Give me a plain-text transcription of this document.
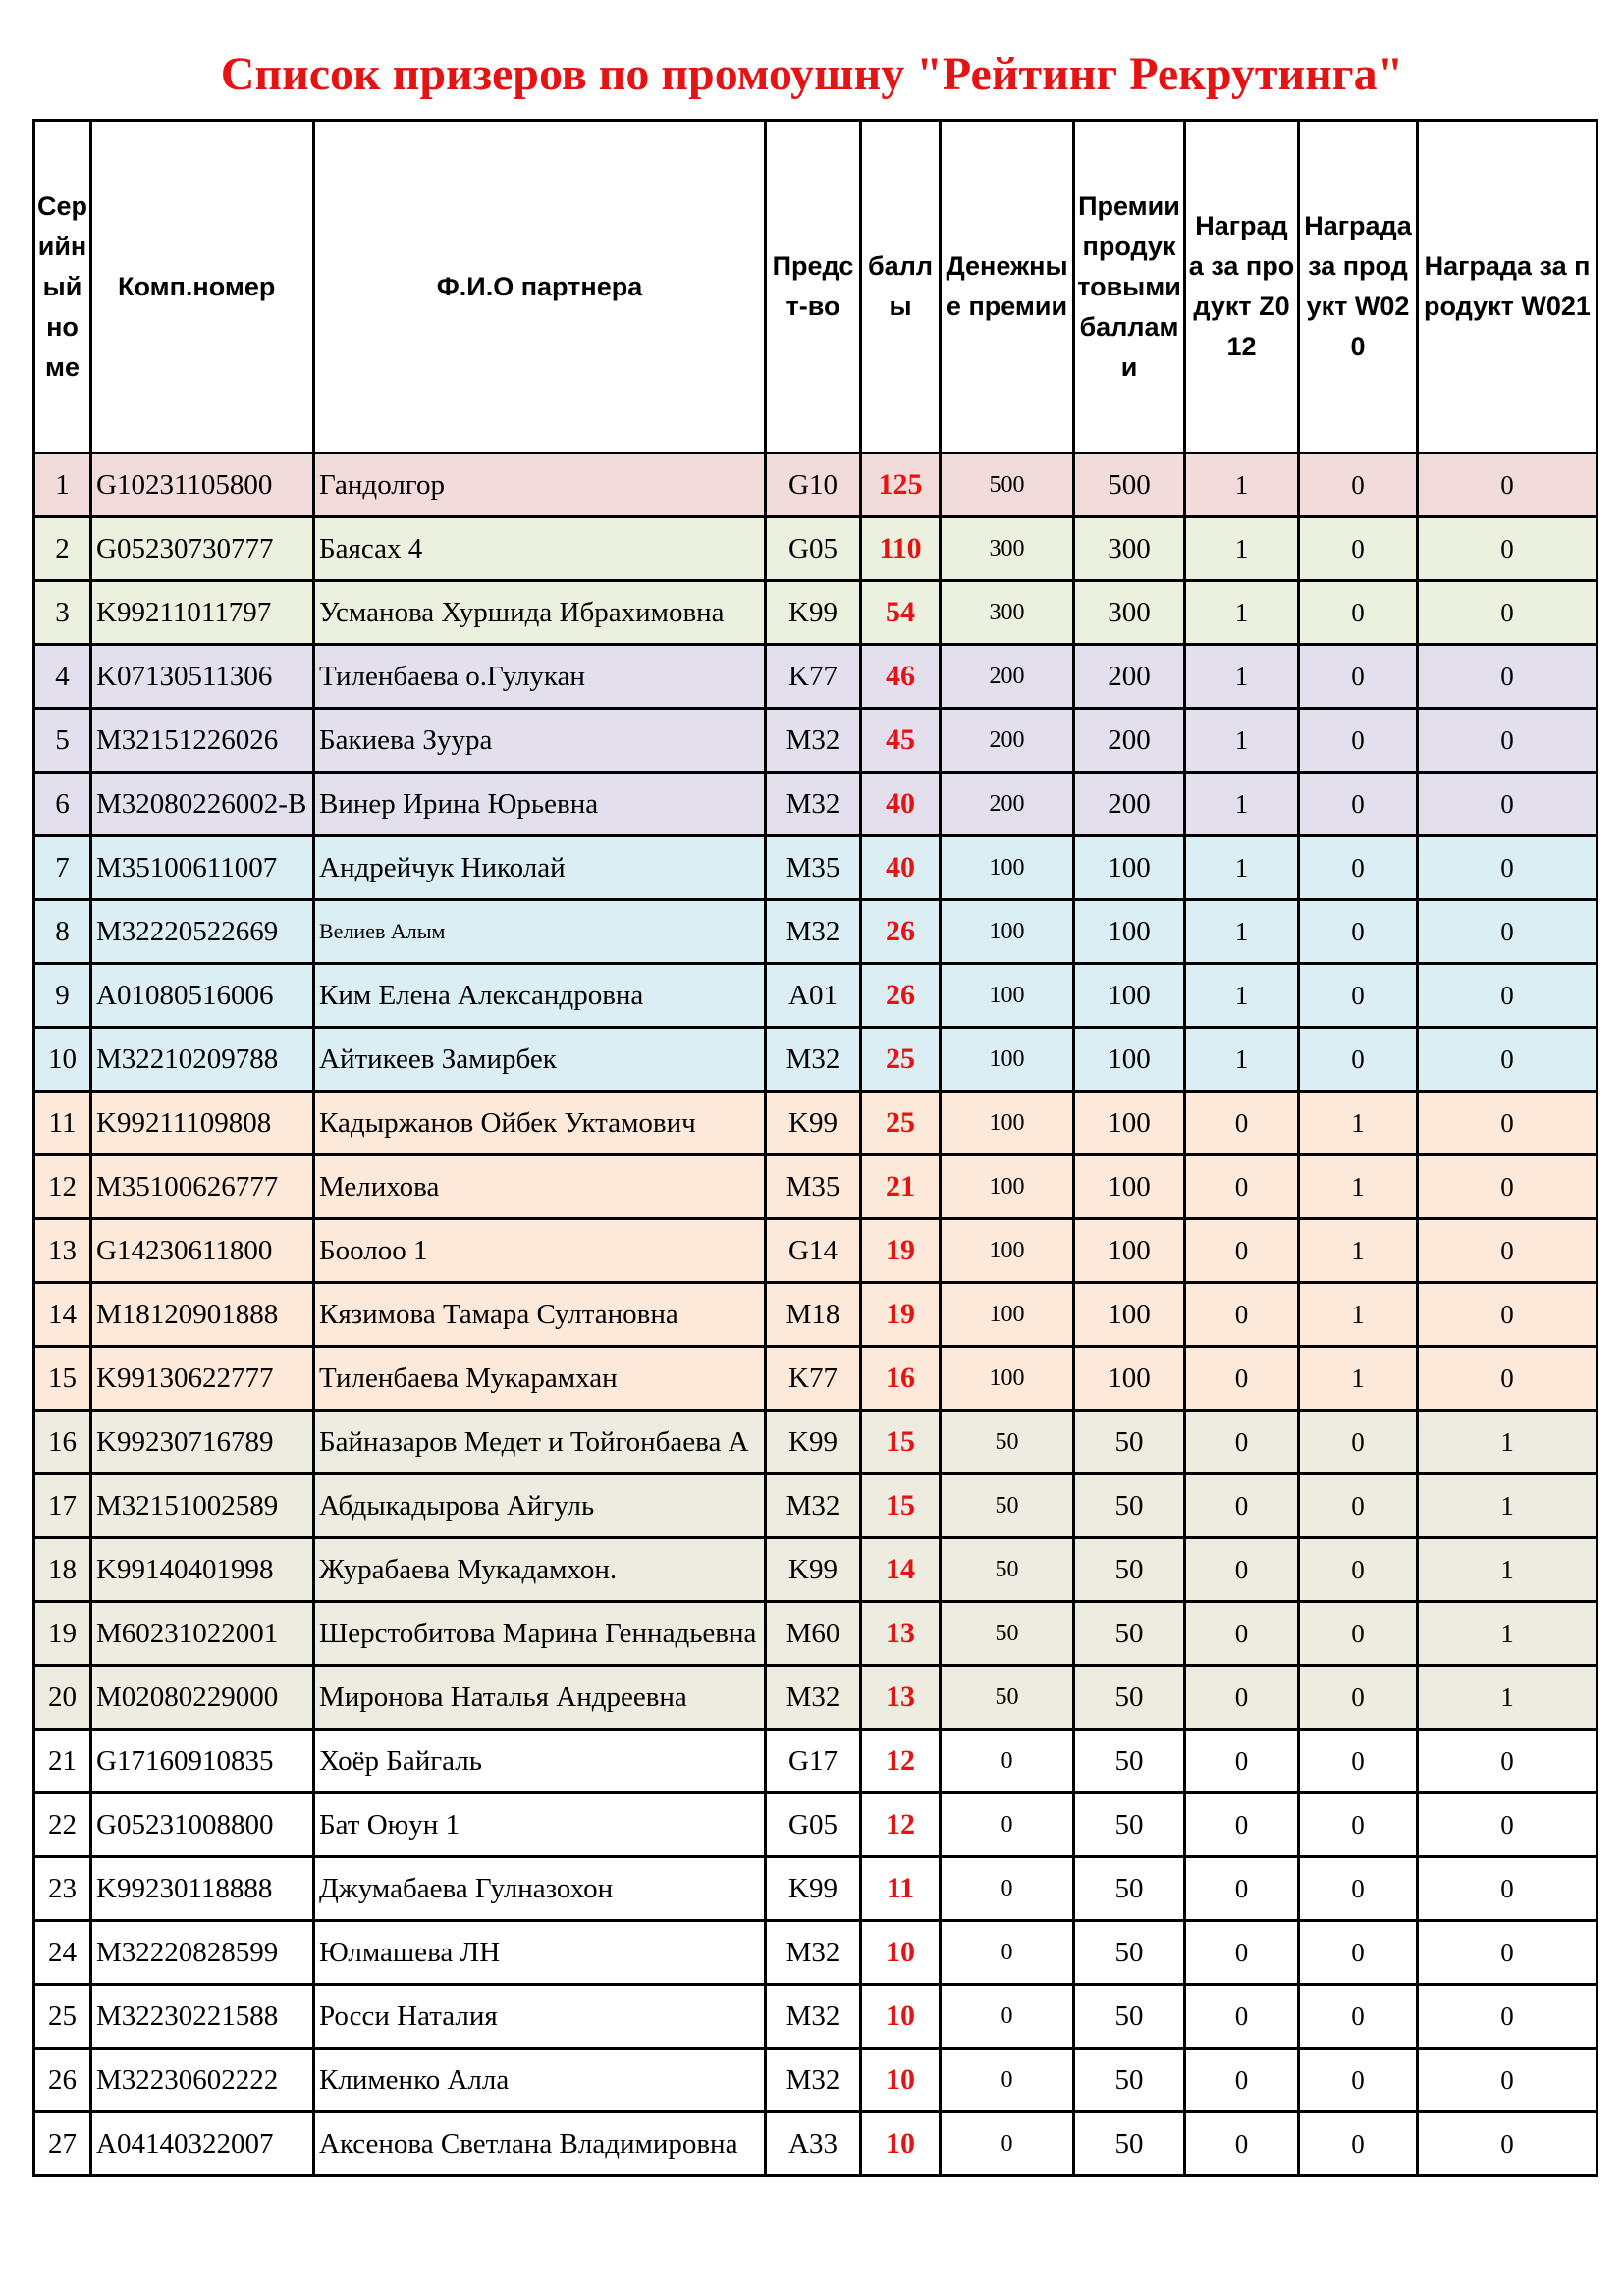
Список призеров по промоушну "Рейтинг Рекрутинга"
Серийный номе	Комп.номер	Ф.И.О партнера	Предст-во	баллы	Денежные премии	Премии продуктовыми баллами	Награда за продукт Z012	Награда за продукт W020	Награда за продукт W021
1	G10231105800	Гандолгор	G10	125	500	500	1	0	0
2	G05230730777	Баясах 4	G05	110	300	300	1	0	0
3	K99211011797	Усманова Хуршида Ибрахимовна	K99	54	300	300	1	0	0
4	K07130511306	Тиленбаева о.Гулукан	K77	46	200	200	1	0	0
5	M32151226026	Бакиева Зуура	M32	45	200	200	1	0	0
6	M32080226002-B	Винер Ирина Юрьевна	M32	40	200	200	1	0	0
7	M35100611007	Андрейчук Николай	M35	40	100	100	1	0	0
8	M32220522669	Велиев Алым	M32	26	100	100	1	0	0
9	A01080516006	Ким Елена Александровна	A01	26	100	100	1	0	0
10	M32210209788	Айтикеев Замирбек	M32	25	100	100	1	0	0
11	K99211109808	Кадыржанов Ойбек Уктамович	K99	25	100	100	0	1	0
12	M35100626777	Мелихова	M35	21	100	100	0	1	0
13	G14230611800	Боолоо 1	G14	19	100	100	0	1	0
14	M18120901888	Кязимова Тамара Султановна	M18	19	100	100	0	1	0
15	K99130622777	Тиленбаева Мукарамхан	K77	16	100	100	0	1	0
16	K99230716789	Байназаров Медет и Тойгонбаева А	K99	15	50	50	0	0	1
17	M32151002589	Абдыкадырова Айгуль	M32	15	50	50	0	0	1
18	K99140401998	Журабаева Мукадамхон.	K99	14	50	50	0	0	1
19	M60231022001	Шерстобитова Марина Геннадьевна	M60	13	50	50	0	0	1
20	M02080229000	Миронова Наталья Андреевна	M32	13	50	50	0	0	1
21	G17160910835	Хоёр Байгаль	G17	12	0	50	0	0	0
22	G05231008800	Бат Оюун 1	G05	12	0	50	0	0	0
23	K99230118888	Джумабаева Гулназохон	K99	11	0	50	0	0	0
24	M32220828599	Юлмашева ЛН	M32	10	0	50	0	0	0
25	M32230221588	Росси Наталия	M32	10	0	50	0	0	0
26	M32230602222	Клименко Алла	M32	10	0	50	0	0	0
27	A04140322007	Аксенова Светлана Владимировна	A33	10	0	50	0	0	0
